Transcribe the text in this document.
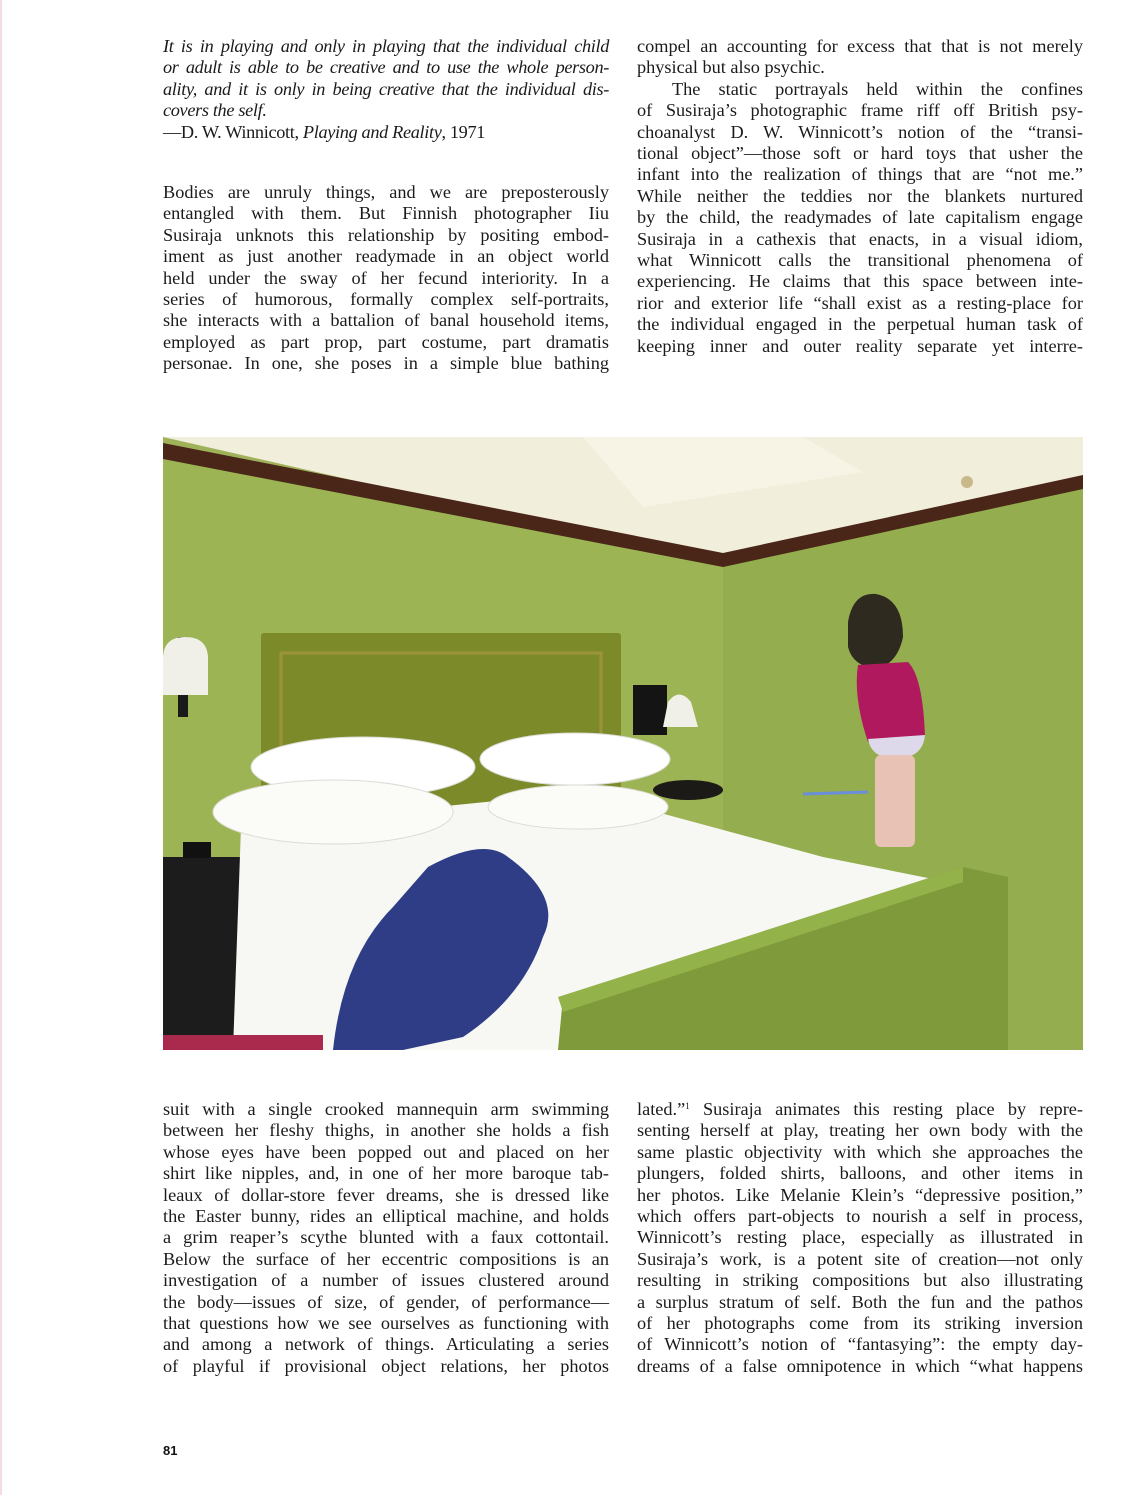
It is in playing and only in playing that the individual child
or adult is able to be creative and to use the whole person-
ality, and it is only in being creative that the individual dis-
covers the self.
—D. W. Winnicott, Playing and Reality, 1971
Bodies are unruly things, and we are preposterously
entangled with them. But Finnish photographer Iiu
Susiraja unknots this relationship by positing embod-
iment as just another readymade in an object world
held under the sway of her fecund interiority. In a
series of humorous, formally complex self-portraits,
she interacts with a battalion of banal household items,
employed as part prop, part costume, part dramatis
personae. In one, she poses in a simple blue bathing
compel an accounting for excess that that is not merely
physical but also psychic.
The static portrayals held within the confines
of Susiraja’s photographic frame riff off British psy-
choanalyst D. W. Winnicott’s notion of the “transi-
tional object”—those soft or hard toys that usher the
infant into the realization of things that are “not me.”
While neither the teddies nor the blankets nurtured
by the child, the readymades of late capitalism engage
Susiraja in a cathexis that enacts, in a visual idiom,
what Winnicott calls the transitional phenomena of
experiencing. He claims that this space between inte-
rior and exterior life “shall exist as a resting-place for
the individual engaged in the perpetual human task of
keeping inner and outer reality separate yet interre-
suit with a single crooked mannequin arm swimming
between her fleshy thighs, in another she holds a fish
whose eyes have been popped out and placed on her
shirt like nipples, and, in one of her more baroque tab-
leaux of dollar-store fever dreams, she is dressed like
the Easter bunny, rides an elliptical machine, and holds
a grim reaper’s scythe blunted with a faux cottontail.
Below the surface of her eccentric compositions is an
investigation of a number of issues clustered around
the body—issues of size, of gender, of performance—
that questions how we see ourselves as functioning with
and among a network of things. Articulating a series
of playful if provisional object relations, her photos
lated.”$^1$ Susiraja animates this resting place by repre-
senting herself at play, treating her own body with the
same plastic objectivity with which she approaches the
plungers, folded shirts, balloons, and other items in
her photos. Like Melanie Klein’s “depressive position,”
which offers part-objects to nourish a self in process,
Winnicott’s resting place, especially as illustrated in
Susiraja’s work, is a potent site of creation—not only
resulting in striking compositions but also illustrating
a surplus stratum of self. Both the fun and the pathos
of her photographs come from its striking inversion
of Winnicott’s notion of “fantasying”: the empty day-
dreams of a false omnipotence in which “what happens
81
